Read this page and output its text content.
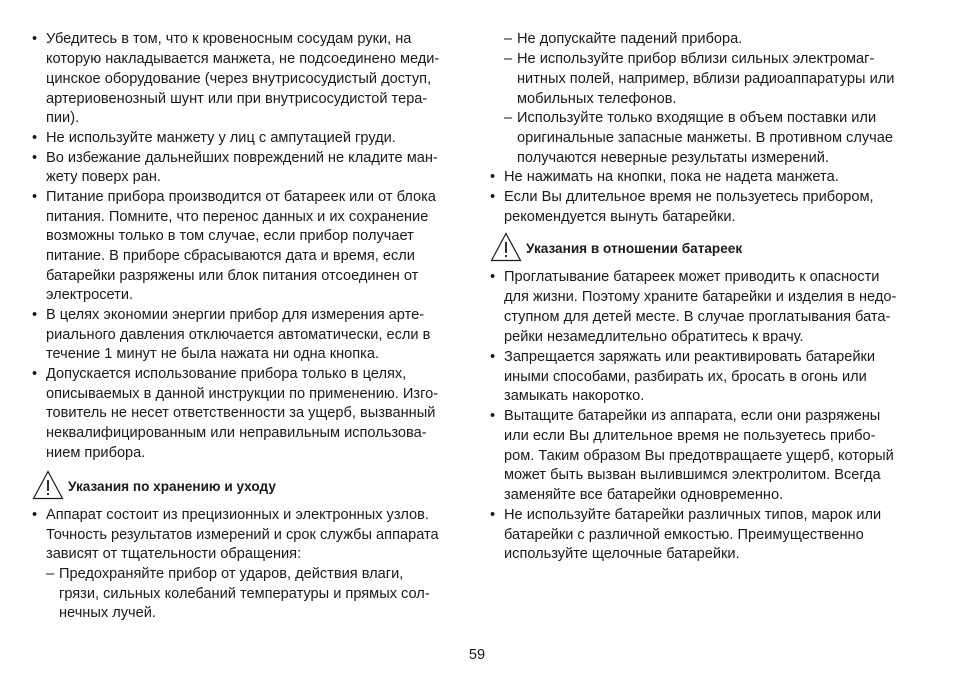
• Убедитесь в том, что к кровеносным сосудам руки, на
которую накладывается манжета, не подсоединено меди-
цинское оборудование (через внутрисосудистый доступ,
артериовенозный шунт или при внутрисосудистой тера-
пии).
• Не используйте манжету у лиц с ампутацией груди.
• Во избежание дальнейших повреждений не кладите ман-
жету поверх ран.
• Питание прибора производится от батареек или от блока
питания. Помните, что перенос данных и их сохранение
возможны только в том случае, если прибор получает
питание. В приборе сбрасываются дата и время, если
батарейки разряжены или блок питания отсоединен от
электросети.
• В целях экономии энергии прибор для измерения арте-
риального давления отключается автоматически, если в
течение 1 минут не была нажата ни одна кнопка.
• Допускается использование прибора только в целях,
описываемых в данной инструкции по применению. Изго-
товитель не несет ответственности за ущерб, вызванный
неквалифицированным или неправильным использова-
нием прибора.
Указания по хранению и уходу
• Аппарат состоит из прецизионных и электронных узлов.
Точность результатов измерений и срок службы аппарата
зависят от тщательности обращения:
– Предохраняйте прибор от ударов, действия влаги,
грязи, сильных колебаний температуры и прямых сол-
нечных лучей.
– Не допускайте падений прибора.
– Не используйте прибор вблизи сильных электромаг-
нитных полей, например, вблизи радиоаппаратуры или
мобильных телефонов.
– Используйте только входящие в объем поставки или
оригинальные запасные манжеты. В противном случае
получаются неверные результаты измерений.
• Не нажимать на кнопки, пока не надета манжета.
• Если Вы длительное время не пользуетесь прибором,
рекомендуется вынуть батарейки.
Указания в отношении батареек
• Проглатывание батареек может приводить к опасности
для жизни. Поэтому храните батарейки и изделия в недо-
ступном для детей месте. В случае проглатывания бата-
рейки незамедлительно обратитесь к врачу.
• Запрещается заряжать или реактивировать батарейки
иными способами, разбирать их, бросать в огонь или
замыкать накоротко.
• Вытащите батарейки из аппарата, если они разряжены
или если Вы длительное время не пользуетесь прибо-
ром. Таким образом Вы предотвращаете ущерб, который
может быть вызван вылившимся электролитом. Всегда
заменяйте все батарейки одновременно.
• Не используйте батарейки различных типов, марок или
батарейки с различной емкостью. Преимущественно
используйте щелочные батарейки.
59
